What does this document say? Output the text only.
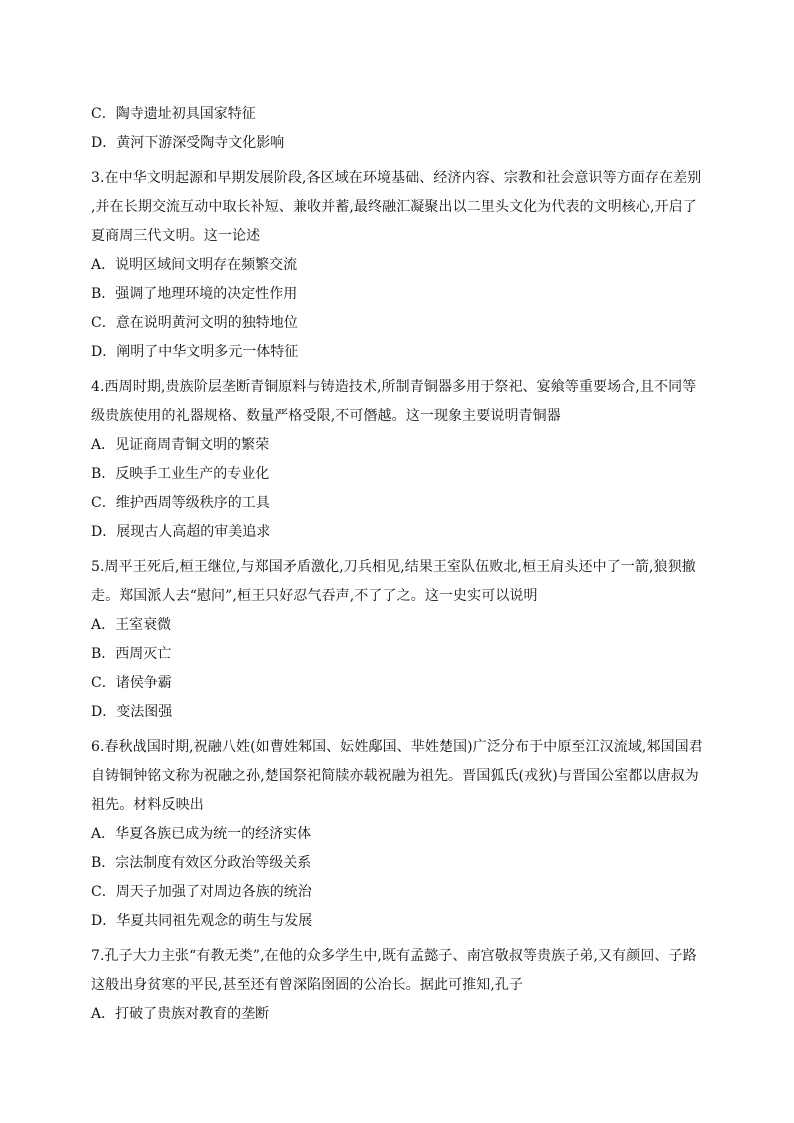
C．陶寺遗址初具国家特征
D．黄河下游深受陶寺文化影响
3.在中华文明起源和早期发展阶段,各区域在环境基础、经济内容、宗教和社会意识等方面存在差别
,并在长期交流互动中取长补短、兼收并蓄,最终融汇凝聚出以二里头文化为代表的文明核心,开启了
夏商周三代文明。这一论述
A．说明区域间文明存在频繁交流
B．强调了地理环境的决定性作用
C．意在说明黄河文明的独特地位
D．阐明了中华文明多元一体特征
4.西周时期,贵族阶层垄断青铜原料与铸造技术,所制青铜器多用于祭祀、宴飨等重要场合,且不同等
级贵族使用的礼器规格、数量严格受限,不可僭越。这一现象主要说明青铜器
A．见证商周青铜文明的繁荣
B．反映手工业生产的专业化
C．维护西周等级秩序的工具
D．展现古人高超的审美追求
5.周平王死后,桓王继位,与郑国矛盾激化,刀兵相见,结果王室队伍败北,桓王肩头还中了一箭,狼狈撤
走。郑国派人去“慰问”,桓王只好忍气吞声,不了了之。这一史实可以说明
A．王室衰微
B．西周灭亡
C．诸侯争霸
D．变法图强
6.春秋战国时期,祝融八姓(如曹姓邾国、妘姓鄅国、芈姓楚国)广泛分布于中原至江汉流域,邾国国君
自铸铜钟铭文称为祝融之孙,楚国祭祀简牍亦载祝融为祖先。晋国狐氏(戎狄)与晋国公室都以唐叔为
祖先。材料反映出
A．华夏各族已成为统一的经济实体
B．宗法制度有效区分政治等级关系
C．周天子加强了对周边各族的统治
D．华夏共同祖先观念的萌生与发展
7.孔子大力主张“有教无类”,在他的众多学生中,既有孟懿子、南宫敬叔等贵族子弟,又有颜回、子路
这般出身贫寒的平民,甚至还有曾深陷囹圄的公冶长。据此可推知,孔子
A．打破了贵族对教育的垄断
